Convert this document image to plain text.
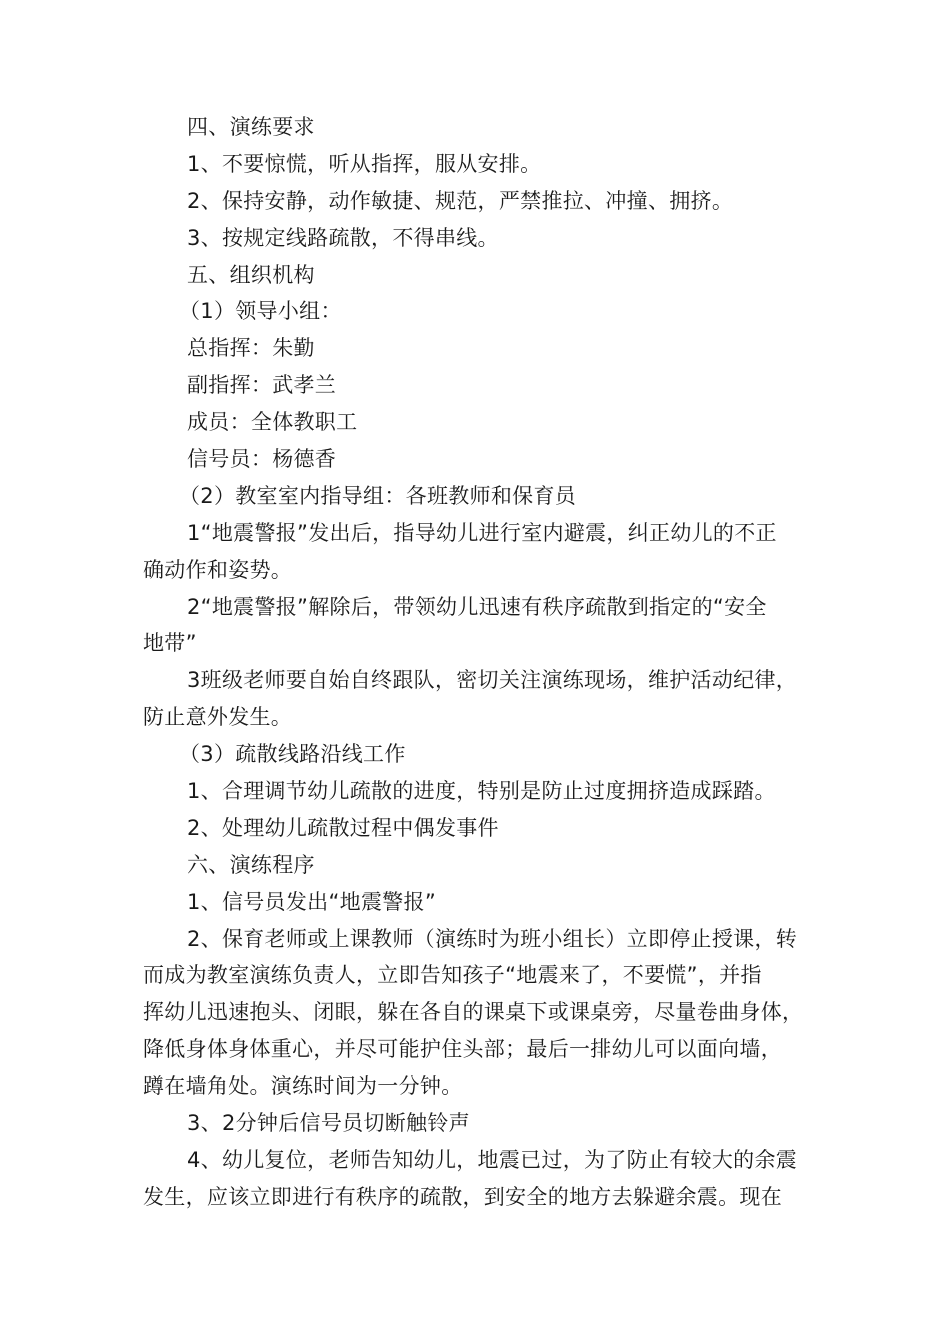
四、演练要求
1、不要惊慌，听从指挥，服从安排。
2、保持安静，动作敏捷、规范，严禁推拉、冲撞、拥挤。
3、按规定线路疏散，不得串线。
五、组织机构
（1）领导小组：
总指挥：朱勤
副指挥：武孝兰
成员：全体教职工
信号员：杨德香
（2）教室室内指导组：各班教师和保育员
1“地震警报”发出后，指导幼儿进行室内避震，纠正幼儿的不正
确动作和姿势。
2“地震警报”解除后，带领幼儿迅速有秩序疏散到指定的“安全
地带”
3班级老师要自始自终跟队，密切关注演练现场，维护活动纪律，
防止意外发生。
（3）疏散线路沿线工作
1、合理调节幼儿疏散的进度，特别是防止过度拥挤造成踩踏。
2、处理幼儿疏散过程中偶发事件
六、演练程序
1、信号员发出“地震警报”
2、保育老师或上课教师（演练时为班小组长）立即停止授课，转
而成为教室演练负责人，立即告知孩子“地震来了，不要慌”，并指
挥幼儿迅速抱头、闭眼，躲在各自的课桌下或课桌旁，尽量卷曲身体，
降低身体身体重心，并尽可能护住头部；最后一排幼儿可以面向墙，
蹲在墙角处。演练时间为一分钟。
3、2分钟后信号员切断触铃声
4、幼儿复位，老师告知幼儿，地震已过，为了防止有较大的余震
发生，应该立即进行有秩序的疏散，到安全的地方去躲避余震。现在
